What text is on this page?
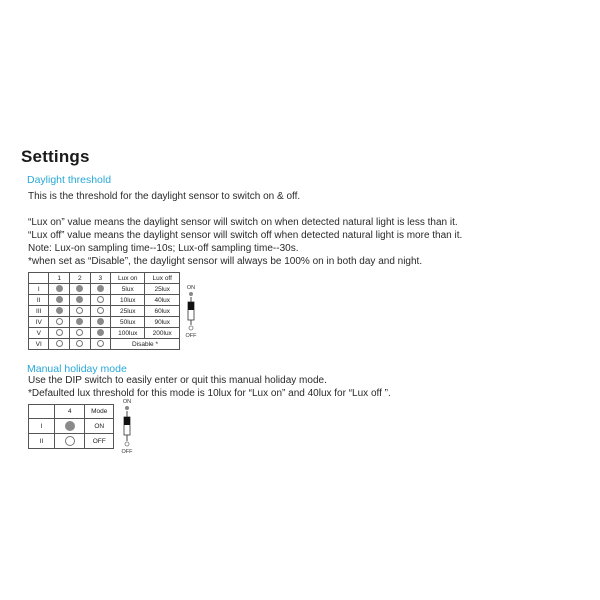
Settings
Daylight threshold
This is the threshold for the daylight sensor to switch on & off.
“Lux on” value means the daylight sensor will switch on when detected natural light is less than it.
“Lux off” value means the daylight sensor will switch off when detected natural light is more than it.
Note: Lux-on sampling time--10s; Lux-off sampling time--30s.
*when set as “Disable”, the daylight sensor will always be 100% on in both day and night.
	1	2	3	Lux on	Lux off
I				5lux	25lux
II				10lux	40lux
III				25lux	60lux
IV				50lux	90lux
V				100lux	200lux
VI				Disable *	
ON
OFF
Manual holiday mode
Use the DIP switch to easily enter or quit this manual holiday mode.
*Defaulted lux threshold for this mode is 10lux for “Lux on” and 40lux for “Lux off ”.
	4	Mode
I		ON
II		OFF
ON
OFF
